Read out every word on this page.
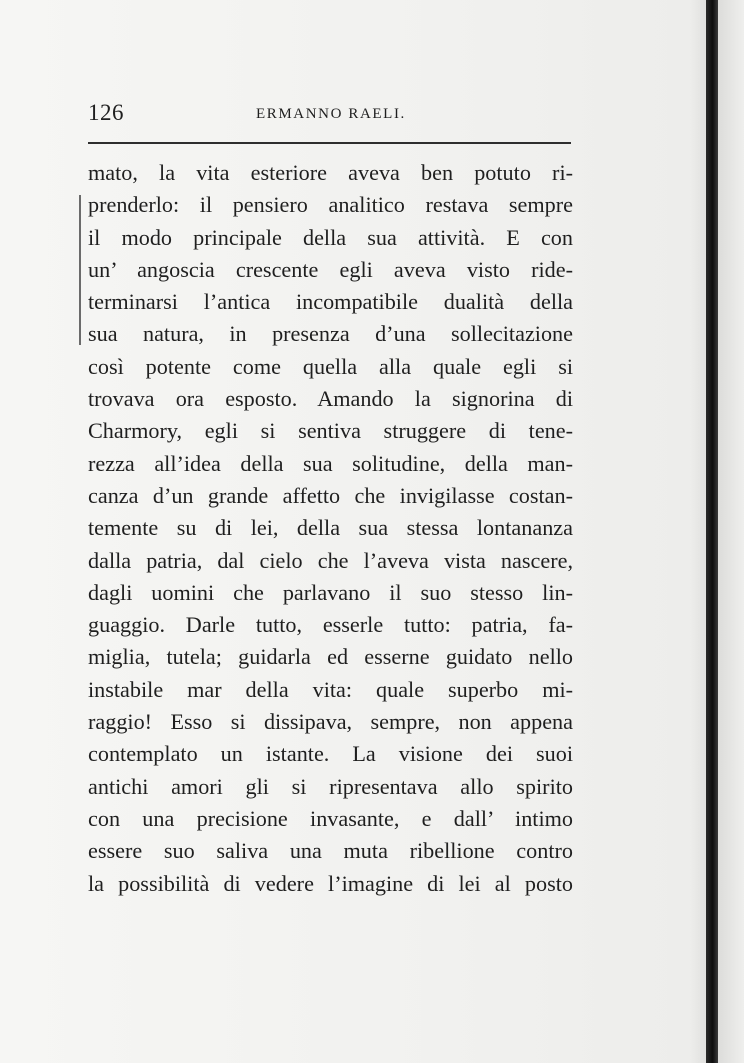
126	ERMANNO RAELI.
mato, la vita esteriore aveva ben potuto ri-
prenderlo: il pensiero analitico restava sempre
il modo principale della sua attività. E con
un’ angoscia crescente egli aveva visto ride-
terminarsi l’antica incompatibile dualità della
sua natura, in presenza d’una sollecitazione
così potente come quella alla quale egli si
trovava ora esposto. Amando la signorina di
Charmory, egli si sentiva struggere di tene-
rezza all’idea della sua solitudine, della man-
canza d’un grande affetto che invigilasse costan-
temente su di lei, della sua stessa lontananza
dalla patria, dal cielo che l’aveva vista nascere,
dagli uomini che parlavano il suo stesso lin-
guaggio. Darle tutto, esserle tutto: patria, fa-
miglia, tutela; guidarla ed esserne guidato nello
instabile mar della vita: quale superbo mi-
raggio! Esso si dissipava, sempre, non appena
contemplato un istante. La visione dei suoi
antichi amori gli si ripresentava allo spirito
con una precisione invasante, e dall’ intimo
essere suo saliva una muta ribellione contro
la possibilità di vedere l’imagine di lei al posto
